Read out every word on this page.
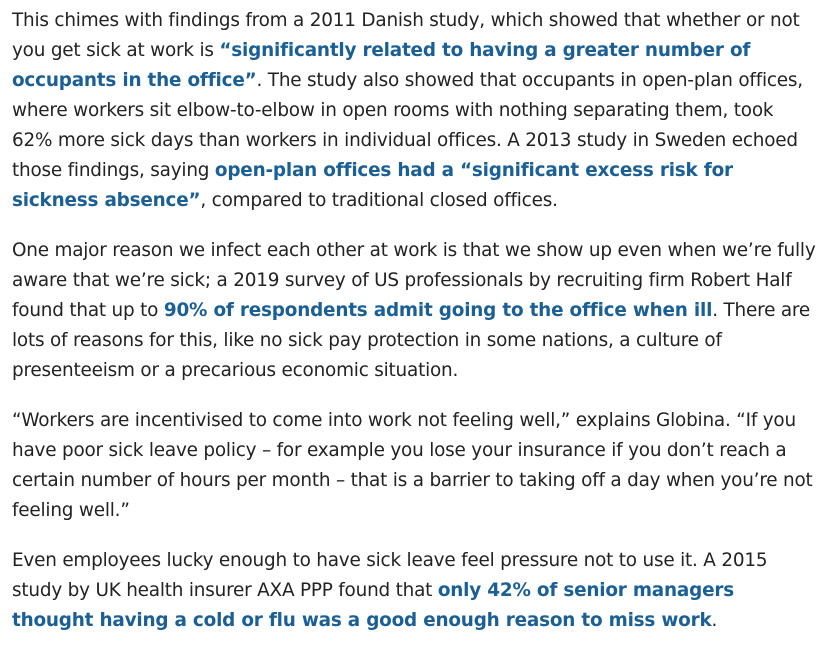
This chimes with findings from a 2011 Danish study, which showed that whether or not you get sick at work is “significantly related to having a greater number of occupants in the office”. The study also showed that occupants in open-plan offices, where workers sit elbow-to-elbow in open rooms with nothing separating them, took 62% more sick days than workers in individual offices. A 2013 study in Sweden echoed those findings, saying open-plan offices had a “significant excess risk for sickness absence”, compared to traditional closed offices.

One major reason we infect each other at work is that we show up even when we’re fully aware that we’re sick; a 2019 survey of US professionals by recruiting firm Robert Half found that up to 90% of respondents admit going to the office when ill. There are lots of reasons for this, like no sick pay protection in some nations, a culture of presenteeism or a precarious economic situation.

“Workers are incentivised to come into work not feeling well,” explains Globina. “If you have poor sick leave policy – for example you lose your insurance if you don’t reach a certain number of hours per month – that is a barrier to taking off a day when you’re not feeling well.”

Even employees lucky enough to have sick leave feel pressure not to use it. A 2015 study by UK health insurer AXA PPP found that only 42% of senior managers thought having a cold or flu was a good enough reason to miss work.
